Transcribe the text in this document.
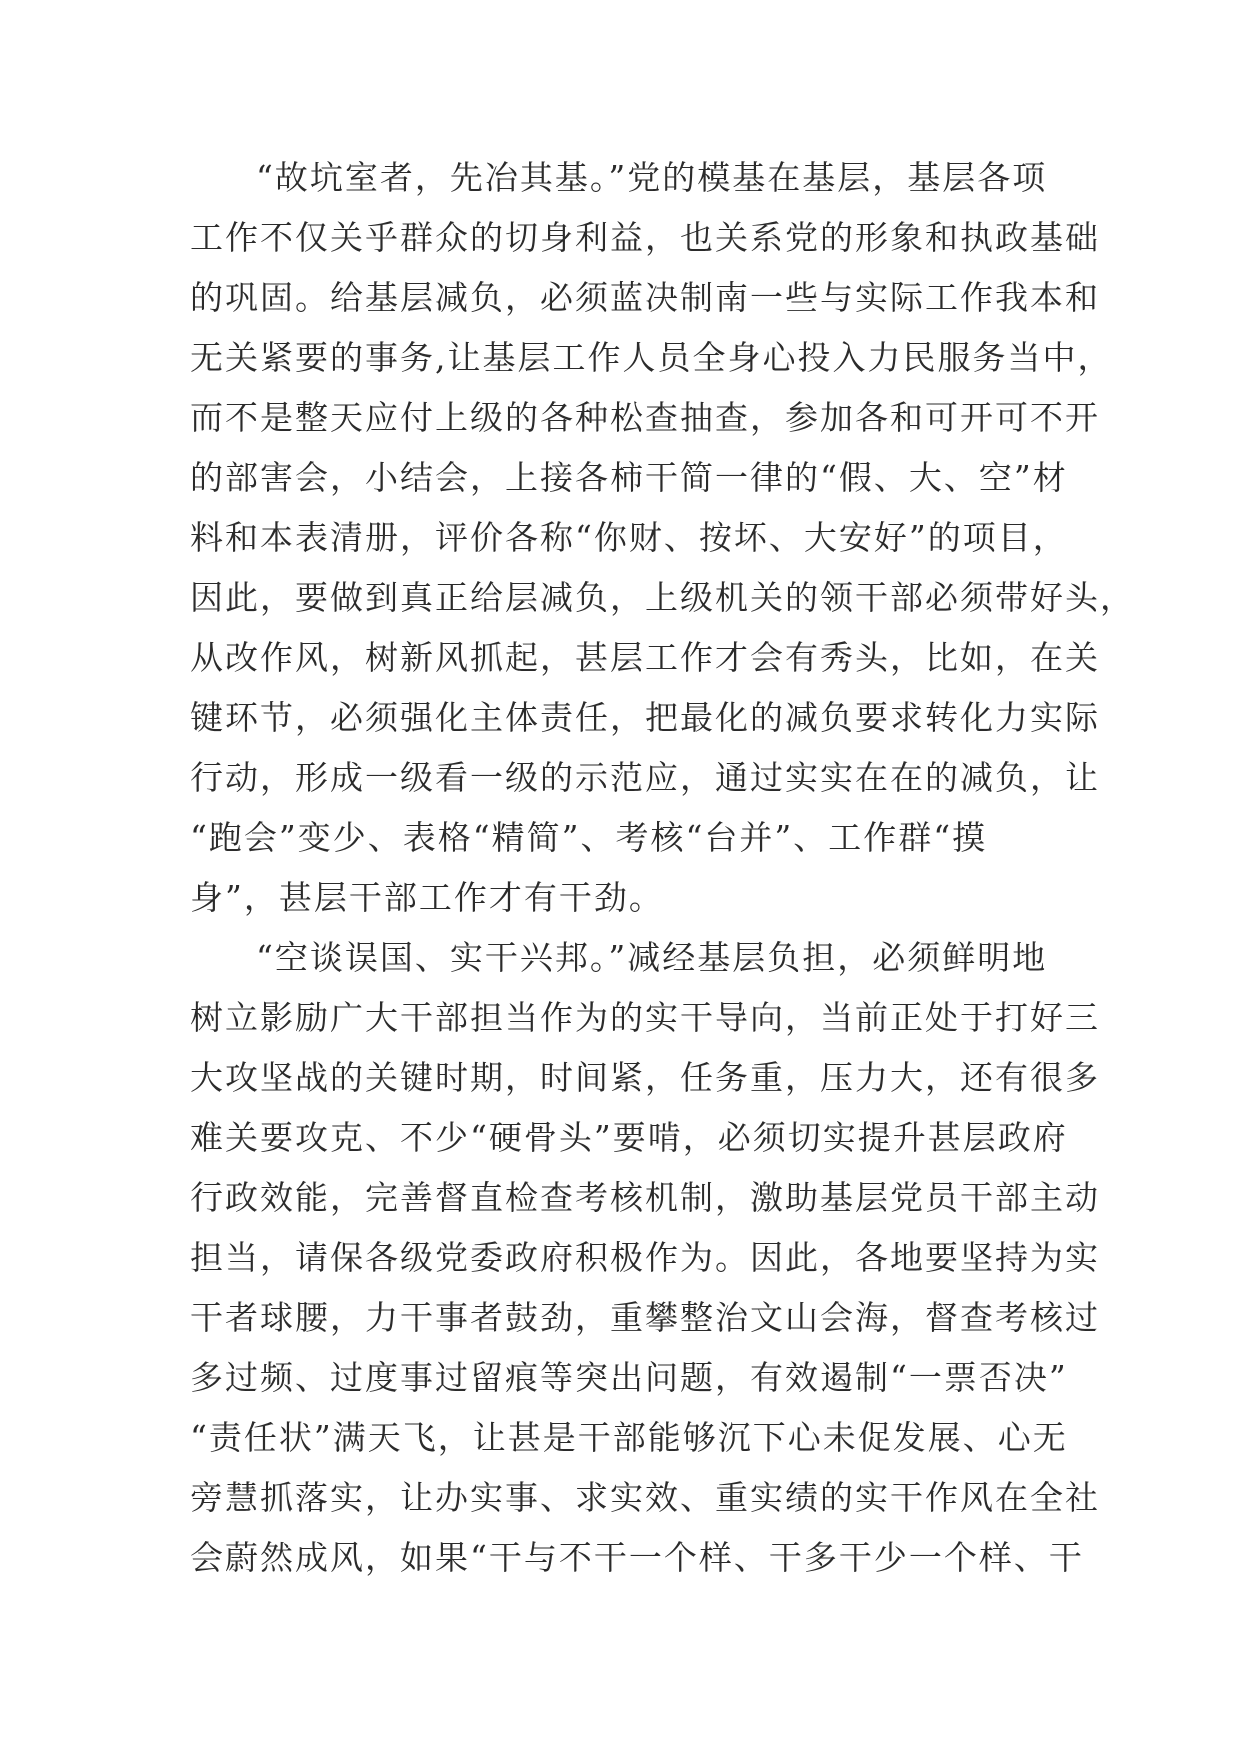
“故坑室者，先冶其基。”党的模基在基层，基层各项
工作不仅关乎群众的切身利益，也关系党的形象和执政基础
的巩固。给基层减负，必须蓝决制南一些与实际工作我本和
无关紧要的事务,让基层工作人员全身心投入力民服务当中，
而不是整天应付上级的各种松查抽查，参加各和可开可不开
的部害会，小结会，上接各柿干简一律的“假、大、空”材
料和本表清册，评价各称“你财、按坏、大安好”的项目，
因此，要做到真正给层减负，上级机关的领干部必须带好头，
从改作风，树新风抓起，甚层工作才会有秀头，比如，在关
键环节，必须强化主体责任，把最化的减负要求转化力实际
行动，形成一级看一级的示范应，通过实实在在的减负，让
“跑会”变少、表格“精简”、考核“台并”、工作群“摸
身”，甚层干部工作才有干劲。
“空谈误国、实干兴邦。”减经基层负担，必须鲜明地
树立影励广大干部担当作为的实干导向，当前正处于打好三
大攻坚战的关键时期，时间紧，任务重，压力大，还有很多
难关要攻克、不少“硬骨头”要啃，必须切实提升甚层政府
行政效能，完善督直检查考核机制，激助基层党员干部主动
担当，请保各级党委政府积极作为。因此，各地要坚持为实
干者球腰，力干事者鼓劲，重攀整治文山会海，督查考核过
多过频、过度事过留痕等突出问题，有效遏制“一票否决”
“责任状”满天飞，让甚是干部能够沉下心未促发展、心无
旁慧抓落实，让办实事、求实效、重实绩的实干作风在全社
会蔚然成风，如果“干与不干一个样、干多干少一个样、干
